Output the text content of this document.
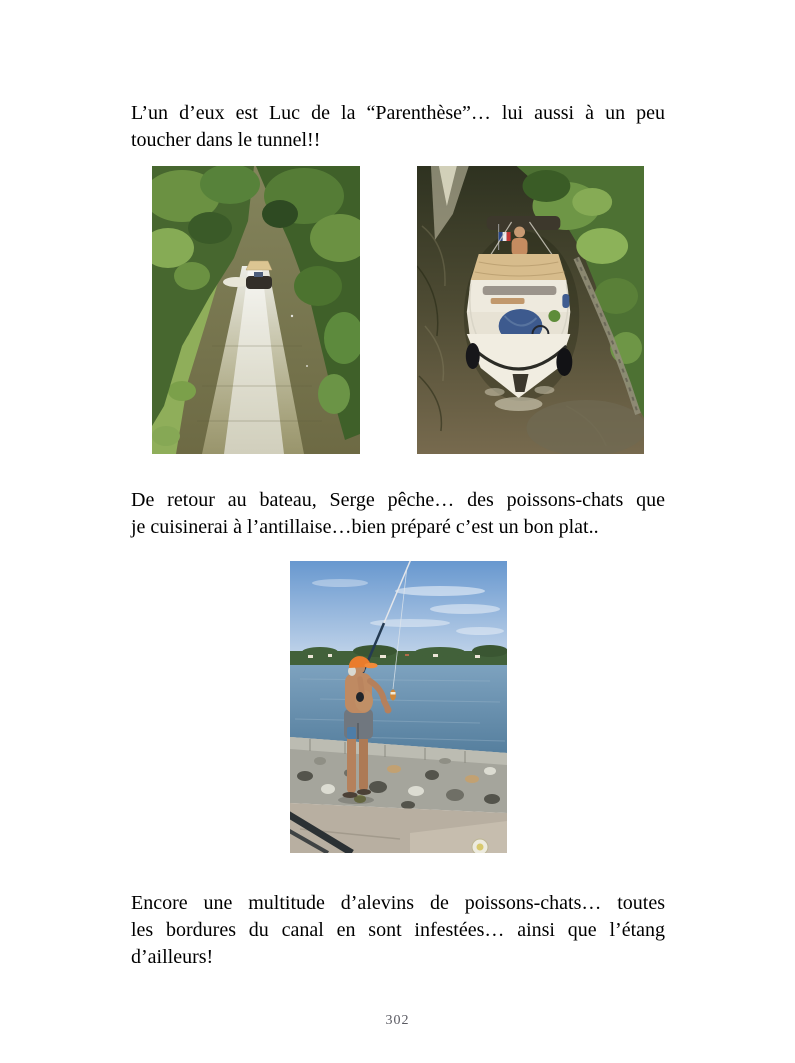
L’un d’eux est Luc de la “Parenthèse”… lui aussi à un peu
toucher dans le tunnel!!

De retour au bateau, Serge pêche… des poissons-chats que
je cuisinerai à l’antillaise…bien préparé c’est un bon plat..

Encore une multitude d’alevins de poissons-chats… toutes
les bordures du canal en sont infestées… ainsi que l’étang
d’ailleurs!

302
